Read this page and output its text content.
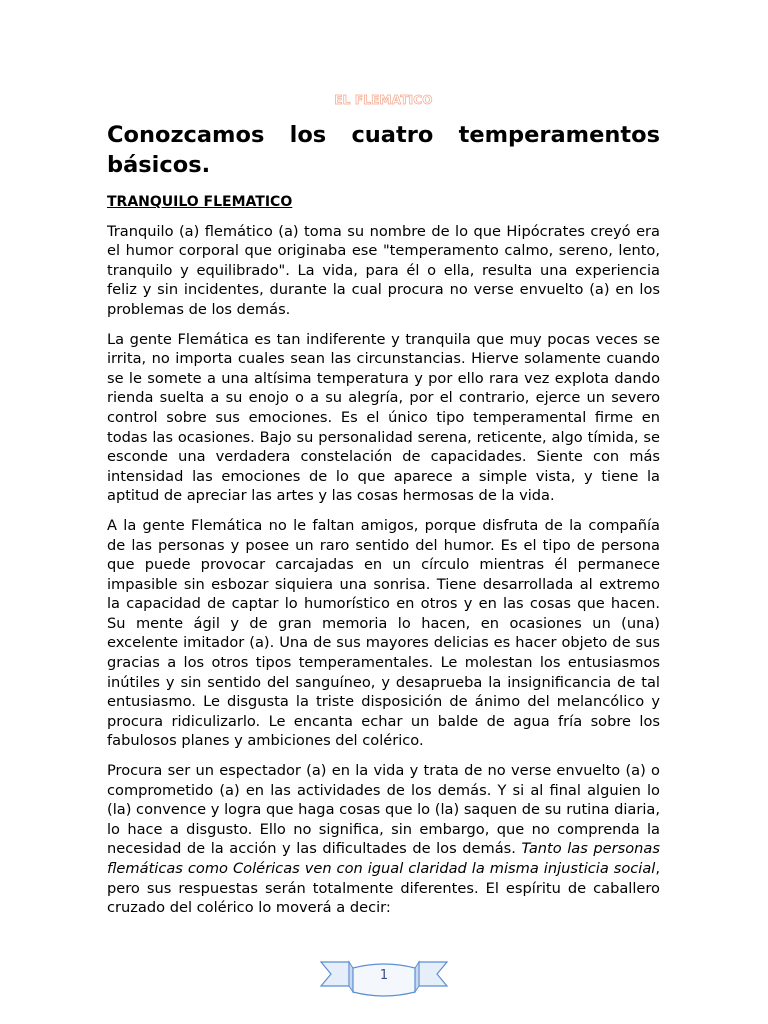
EL FLEMATICO
Conozcamos los cuatro temperamentos básicos.
TRANQUILO FLEMATICO

Tranquilo (a) flemático (a) toma su nombre de lo que Hipócrates creyó era el humor corporal que originaba ese "temperamento calmo, sereno, lento, tranquilo y equilibrado". La vida, para él o ella, resulta una experiencia feliz y sin incidentes, durante la cual procura no verse envuelto (a) en los problemas de los demás.

La gente Flemática es tan indiferente y tranquila que muy pocas veces se irrita, no importa cuales sean las circunstancias. Hierve solamente cuando se le somete a una altísima temperatura y por ello rara vez explota dando rienda suelta a su enojo o a su alegría, por el contrario, ejerce un severo control sobre sus emociones. Es el único tipo temperamental firme en todas las ocasiones. Bajo su personalidad serena, reticente, algo tímida, se esconde una verdadera constelación de capacidades. Siente con más intensidad las emociones de lo que aparece a simple vista, y tiene la aptitud de apreciar las artes y las cosas hermosas de la vida.

A la gente Flemática no le faltan amigos, porque disfruta de la compañía de las personas y posee un raro sentido del humor. Es el tipo de persona que puede provocar carcajadas en un círculo mientras él permanece impasible sin esbozar siquiera una sonrisa. Tiene desarrollada al extremo la capacidad de captar lo humorístico en otros y en las cosas que hacen. Su mente ágil y de gran memoria lo hacen, en ocasiones un (una) excelente imitador (a). Una de sus mayores delicias es hacer objeto de sus gracias a los otros tipos temperamentales. Le molestan los entusiasmos inútiles y sin sentido del sanguíneo, y desaprueba la insignificancia de tal entusiasmo. Le disgusta la triste disposición de ánimo del melancólico y procura ridiculizarlo. Le encanta echar un balde de agua fría sobre los fabulosos planes y ambiciones del colérico.

Procura ser un espectador (a) en la vida y trata de no verse envuelto (a) o comprometido (a) en las actividades de los demás. Y si al final alguien lo (la) convence y logra que haga cosas que lo (la) saquen de su rutina diaria, lo hace a disgusto. Ello no significa, sin embargo, que no comprenda la necesidad de la acción y las dificultades de los demás. Tanto las personas flemáticas como Coléricas ven con igual claridad la misma injusticia social, pero sus respuestas serán totalmente diferentes. El espíritu de caballero cruzado del colérico lo moverá a decir:

1
